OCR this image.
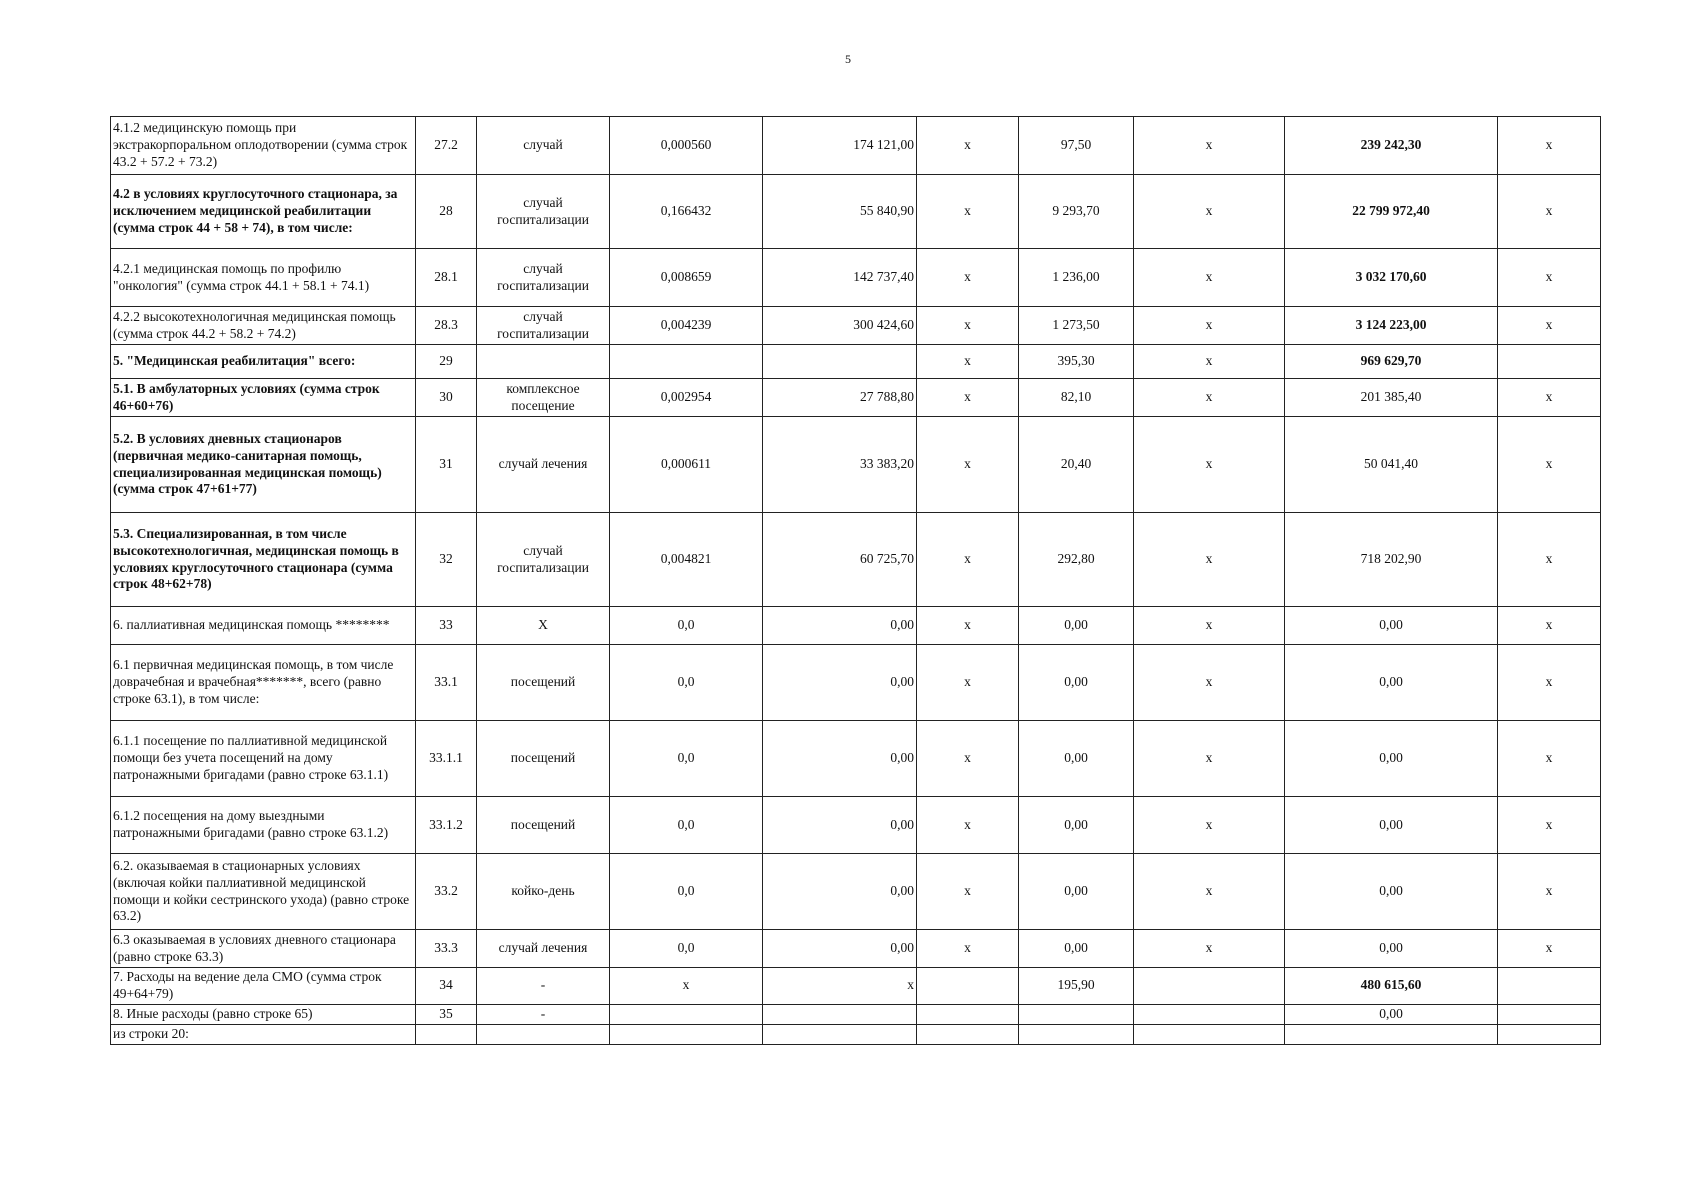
5
4.1.2 медицинскую помощь при экстракорпоральном оплодотворении (сумма строк 43.2 + 57.2 + 73.2)	27.2	случай	0,000560	174 121,00	x	97,50	x	239 242,30	x
4.2 в условиях круглосуточного стационара, за исключением медицинской реабилитации (сумма строк 44 + 58 + 74), в том числе:	28	случай госпитализации	0,166432	55 840,90	x	9 293,70	x	22 799 972,40	x
4.2.1 медицинская помощь по профилю "онкология" (сумма строк 44.1 + 58.1 + 74.1)	28.1	случай госпитализации	0,008659	142 737,40	x	1 236,00	x	3 032 170,60	x
4.2.2 высокотехнологичная медицинская помощь (сумма строк 44.2 + 58.2 + 74.2)	28.3	случай госпитализации	0,004239	300 424,60	x	1 273,50	x	3 124 223,00	x
5. "Медицинская реабилитация" всего:	29				x	395,30	x	969 629,70	
5.1. В амбулаторных условиях (сумма строк 46+60+76)	30	комплексное посещение	0,002954	27 788,80	x	82,10	x	201 385,40	x
5.2. В условиях дневных стационаров (первичная медико-санитарная помощь, специализированная медицинская помощь) (сумма строк 47+61+77)	31	случай лечения	0,000611	33 383,20	x	20,40	x	50 041,40	x
5.3. Специализированная, в том числе высокотехнологичная, медицинская помощь в условиях круглосуточного стационара (сумма строк 48+62+78)	32	случай госпитализации	0,004821	60 725,70	x	292,80	x	718 202,90	x
6. паллиативная медицинская помощь ********	33	X	0,0	0,00	x	0,00	x	0,00	x
6.1 первичная медицинская помощь, в том числе доврачебная и врачебная*******, всего (равно строке 63.1), в том числе:	33.1	посещений	0,0	0,00	x	0,00	x	0,00	x
6.1.1 посещение по паллиативной медицинской помощи без учета посещений на дому патронажными бригадами (равно строке 63.1.1)	33.1.1	посещений	0,0	0,00	x	0,00	x	0,00	x
6.1.2 посещения на дому выездными патронажными бригадами (равно строке 63.1.2)	33.1.2	посещений	0,0	0,00	x	0,00	x	0,00	x
6.2. оказываемая в стационарных условиях (включая койки паллиативной медицинской помощи и койки сестринского ухода) (равно строке 63.2)	33.2	койко-день	0,0	0,00	x	0,00	x	0,00	x
6.3 оказываемая в условиях дневного стационара (равно строке 63.3)	33.3	случай лечения	0,0	0,00	x	0,00	x	0,00	x
7. Расходы на ведение дела СМО (сумма строк 49+64+79)	34	-	x	x		195,90		480 615,60	
8. Иные расходы (равно строке 65)	35	-						0,00	
из строки 20:									
